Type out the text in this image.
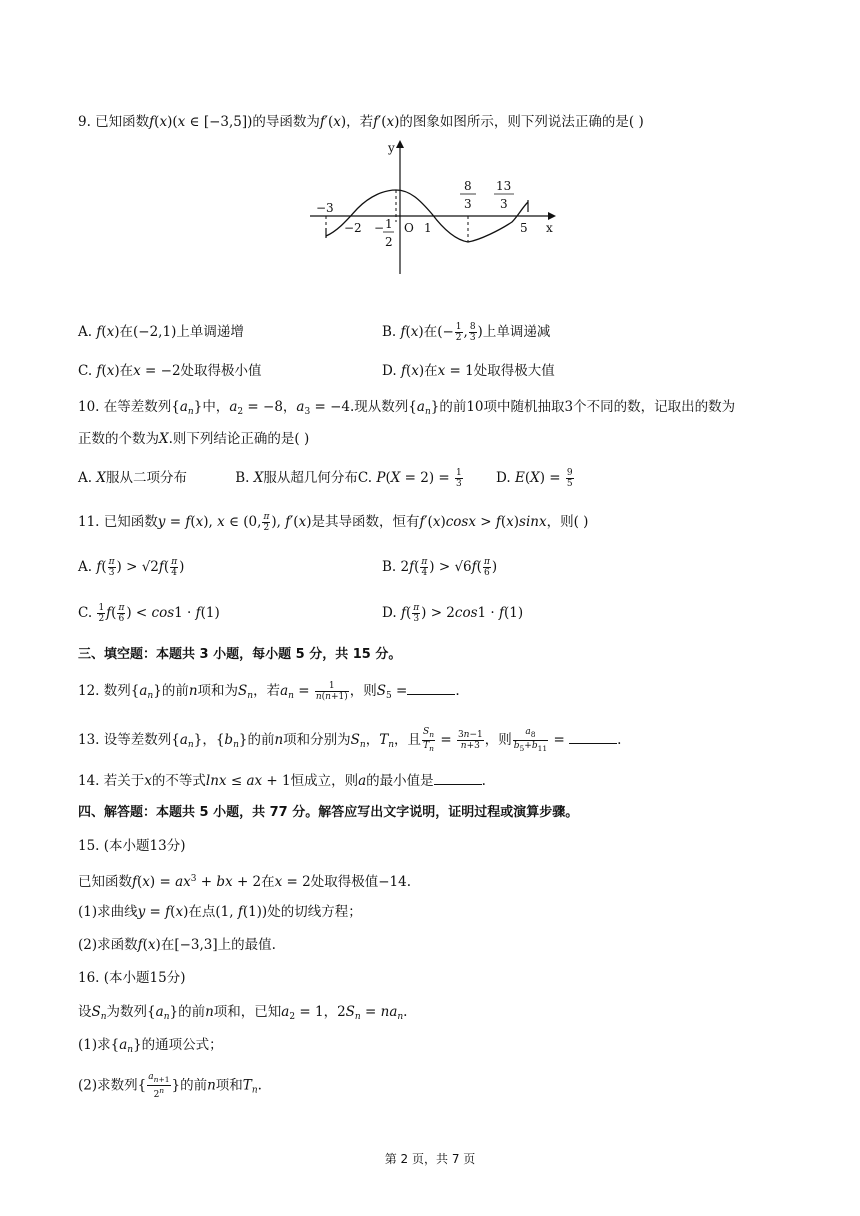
9. 已知函数f(x)(x ∈ [−3,5])的导函数为f′(x)，若f′(x)的图象如图所示，则下列说法正确的是( )
y
x
O
−3
−2 − 1
2
1	5
8
3
13
3
A. f(x)在(−2,1)上单调递增	B. f(x)在(− $\frac{1}{2}$ , $\frac{8}{3}$ )上单调递减
C. f(x)在x = −2处取得极小值	D. f(x)在x = 1处取得极大值
10. 在等差数列$\{a_n\}$中，$a_2 = -8$，$a_3 = -4$.现从数列$\{a_n\}$的前10项中随机抽取3个不同的数，记取出的数为
正数的个数为X.则下列结论正确的是( )
A. X服从二项分布	B. X服从超几何分布C. $P(X = 2) = \frac{1}{3} D$. $E(X) = \frac{9}{5}$
11. 已知函数y = f(x), x ∈ (0, $\frac{\pi}{2}$ ), f′(x)是其导函数，恒有f′(x)cosx > f(x)sinx，则( )
A. $f( \frac{\pi}{3}$ ) > $√2f( \frac{\pi}{4}$ )	B. $2f( \frac{\pi}{4}$ ) > $√6f( \frac{\pi}{6}$ )
C. $\frac{1}{2} f( \frac{\pi}{6}$ ) < cos1 · f(1)	D. $f( \frac{\pi}{3}$ ) > 2cos1 · f(1)
三、填空题：本题共 3 小题，每小题 5 分，共 15 分。
12. 数列$\{a_n\}$的前n项和为$S_n$，若$a_n = \frac{1}{n(n+1)}$ ，则$S_5$ =	.
13. 设等差数列$\{a_n\}$，$\{b_n\}$的前n项和分别为$S_n$，$T_n$，且 $\frac{S_n}{T_n} = \frac{3n-1}{n+3}$ ，则 $\frac{a_8}{b_5+b_{11}}$ =	.
14. 若关于x的不等式lnx ≤ ax + 1恒成立，则a的最小值是	.
四、解答题：本题共 5 小题，共 77 分。解答应写出文字说明，证明过程或演算步骤。
15. (本小题13分)
已知函数$f(x) = ax^3$ + bx + 2在x = 2处取得极值−14.
(1)求曲线y = f(x)在点(1, f(1))处的切线方程；
(2)求函数f(x)在[−3,3]上的最值.
16. (本小题15分)
设$S_n$为数列$\{a_n\}$的前n项和，已知$a_2 = 1$，$2S_n = na_n$.
(1)求$\{a_n\}$的通项公式；
(2)求数列{ $\frac{a_{n+1}}{2^n}$ }的前n项和$T_n$.
第 2 页，共 7 页
